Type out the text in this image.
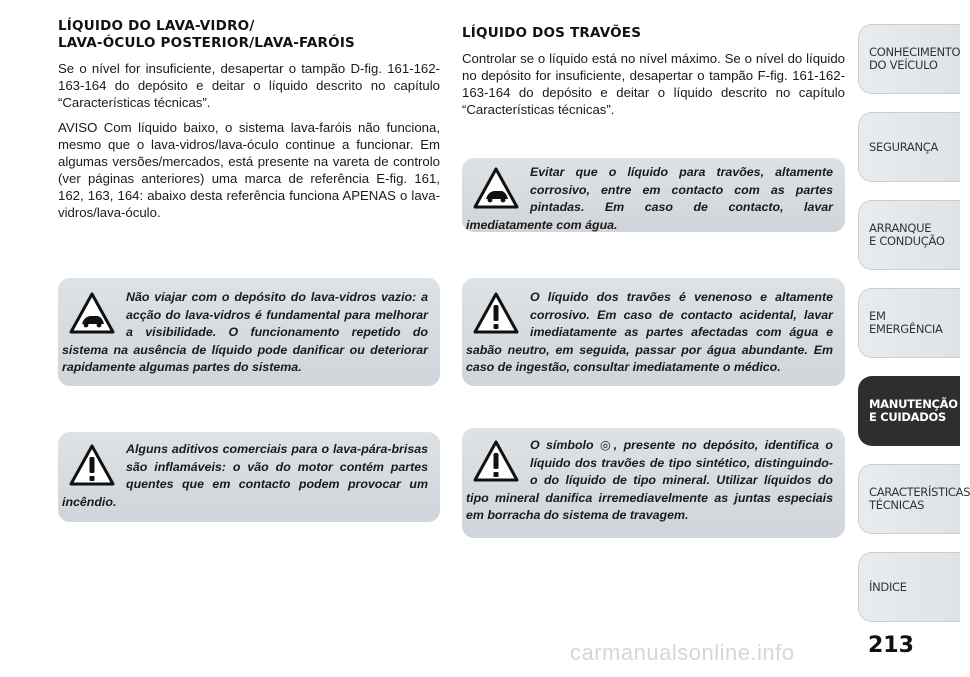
LÍQUIDO DO LAVA-VIDRO/
LAVA-ÓCULO POSTERIOR/LAVA-FARÓIS

Se o nível for insuficiente, desapertar o tampão D-fig. 161-162-163-164 do depósito e deitar o líquido descrito no capítulo “Características técnicas”.

AVISO Com líquido baixo, o sistema lava-faróis não funciona, mesmo que o lava-vidros/lava-óculo continue a funcionar. Em algumas versões/mercados, está presente na vareta de controlo (ver páginas anteriores) uma marca de referência E-fig. 161, 162, 163, 164: abaixo desta referência funciona APENAS o lava-vidros/lava-óculo.

Não viajar com o depósito do lava-vidros vazio: a acção do lava-vidros é fundamental para melhorar a visibilidade. O funcionamento repetido do sistema na ausência de líquido pode danificar ou deteriorar rapidamente algumas partes do sistema.

Alguns aditivos comerciais para o lava-pára-brisas são inflamáveis: o vão do motor contém partes quentes que em contacto podem provocar um incêndio.

LÍQUIDO DOS TRAVÕES

Controlar se o líquido está no nível máximo. Se o nível do líquido no depósito for insuficiente, desapertar o tampão F-fig. 161-162-163-164 do depósito e deitar o líquido descrito no capítulo “Características técnicas”.

Evitar que o líquido para travões, altamente corrosivo, entre em contacto com as partes pintadas. Em caso de contacto, lavar imediatamente com água.

O líquido dos travões é venenoso e altamente corrosivo. Em caso de contacto acidental, lavar imediatamente as partes afectadas com água e sabão neutro, em seguida, passar por água abundante. Em caso de ingestão, consultar imediatamente o médico.

O símbolo ◎, presente no depósito, identifica o líquido dos travões de tipo sintético, distinguindo-o do líquido de tipo mineral. Utilizar líquidos do tipo mineral danifica irremediavelmente as juntas especiais em borracha do sistema de travagem.

CONHECIMENTO
DO VEÍCULO
SEGURANÇA
ARRANQUE
E CONDUÇÃO
EM EMERGÊNCIA
MANUTENÇÃO
E CUIDADOS
CARACTERÍSTICAS
TÉCNICAS
ÍNDICE
carmanualsonline.info	213
